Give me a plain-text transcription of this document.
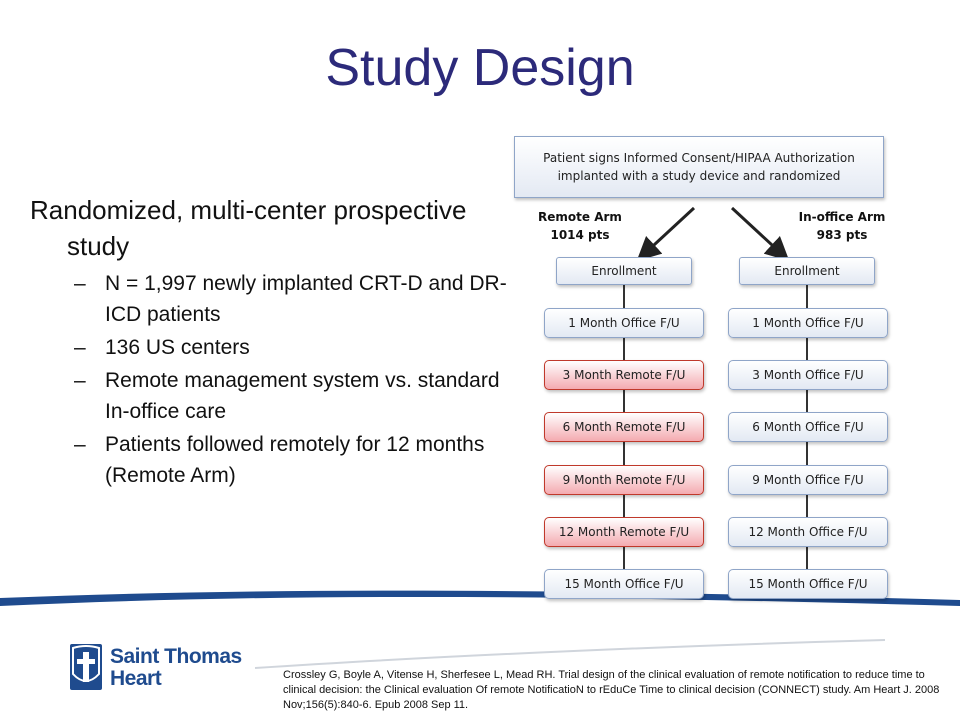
Study Design
Randomized, multi-center prospective study
– N = 1,997 newly implanted CRT-D and DR-ICD patients
– 136 US centers
– Remote management system vs. standard In-office care
– Patients followed remotely for 12 months (Remote Arm)
Patient signs Informed Consent/HIPAA Authorization
implanted with a study device and randomized
Remote Arm
1014 pts
In-office Arm
983 pts
Enrollment
1 Month Office F/U
3 Month Remote F/U
6 Month Remote F/U
9 Month Remote F/U
12 Month Remote F/U
15 Month Office F/U
Enrollment
1 Month Office F/U
3 Month Office F/U
6 Month Office F/U
9 Month Office F/U
12 Month Office F/U
15 Month Office F/U
Saint Thomas
Heart	Crossley G, Boyle A, Vitense H, Sherfesee L, Mead RH. Trial design of the clinical evaluation of remote notification to reduce time to clinical decision: the Clinical evaluation Of remote NotificatioN to rEduCe Time to clinical decision (CONNECT) study. Am Heart J. 2008 Nov;156(5):840-6. Epub 2008 Sep 11.
